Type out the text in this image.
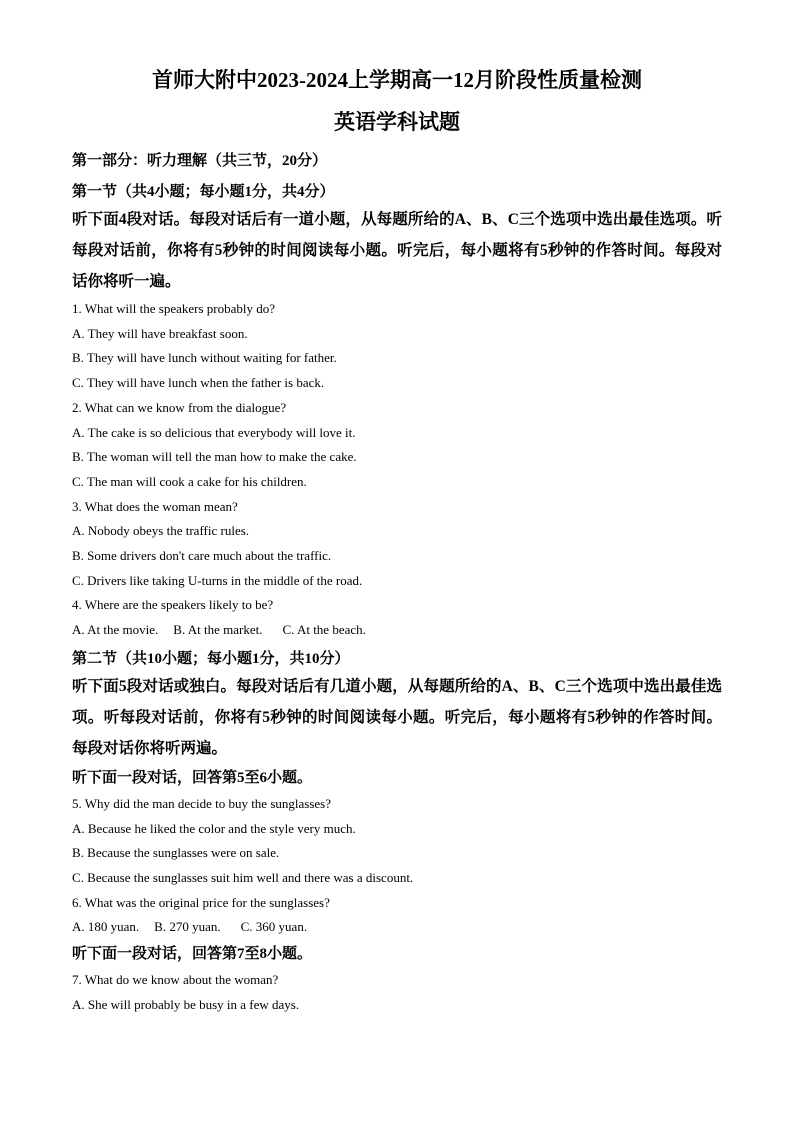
首师大附中2023-2024上学期高一12月阶段性质量检测
英语学科试题
第一部分：听力理解（共三节，20分）
第一节（共4小题；每小题1分，共4分）
听下面4段对话。每段对话后有一道小题，从每题所给的A、B、C三个选项中选出最佳选项。听每段对话前，你将有5秒钟的时间阅读每小题。听完后，每小题将有5秒钟的作答时间。每段对话你将听一遍。
1. What will the speakers probably do?
A. They will have breakfast soon.
B. They will have lunch without waiting for father.
C. They will have lunch when the father is back.
2. What can we know from the dialogue?
A. The cake is so delicious that everybody will love it.
B. The woman will tell the man how to make the cake.
C. The man will cook a cake for his children.
3. What does the woman mean?
A. Nobody obeys the traffic rules.
B. Some drivers don't care much about the traffic.
C. Drivers like taking U-turns in the middle of the road.
4. Where are the speakers likely to be?
A. At the movie. B. At the market. C. At the beach.
第二节（共10小题；每小题1分，共10分）
听下面5段对话或独白。每段对话后有几道小题，从每题所给的A、B、C三个选项中选出最佳选项。听每段对话前，你将有5秒钟的时间阅读每小题。听完后，每小题将有5秒钟的作答时间。每段对话你将听两遍。
听下面一段对话，回答第5至6小题。
5. Why did the man decide to buy the sunglasses?
A. Because he liked the color and the style very much.
B. Because the sunglasses were on sale.
C. Because the sunglasses suit him well and there was a discount.
6. What was the original price for the sunglasses?
A. 180 yuan. B. 270 yuan. C. 360 yuan.
听下面一段对话，回答第7至8小题。
7. What do we know about the woman?
A. She will probably be busy in a few days.
